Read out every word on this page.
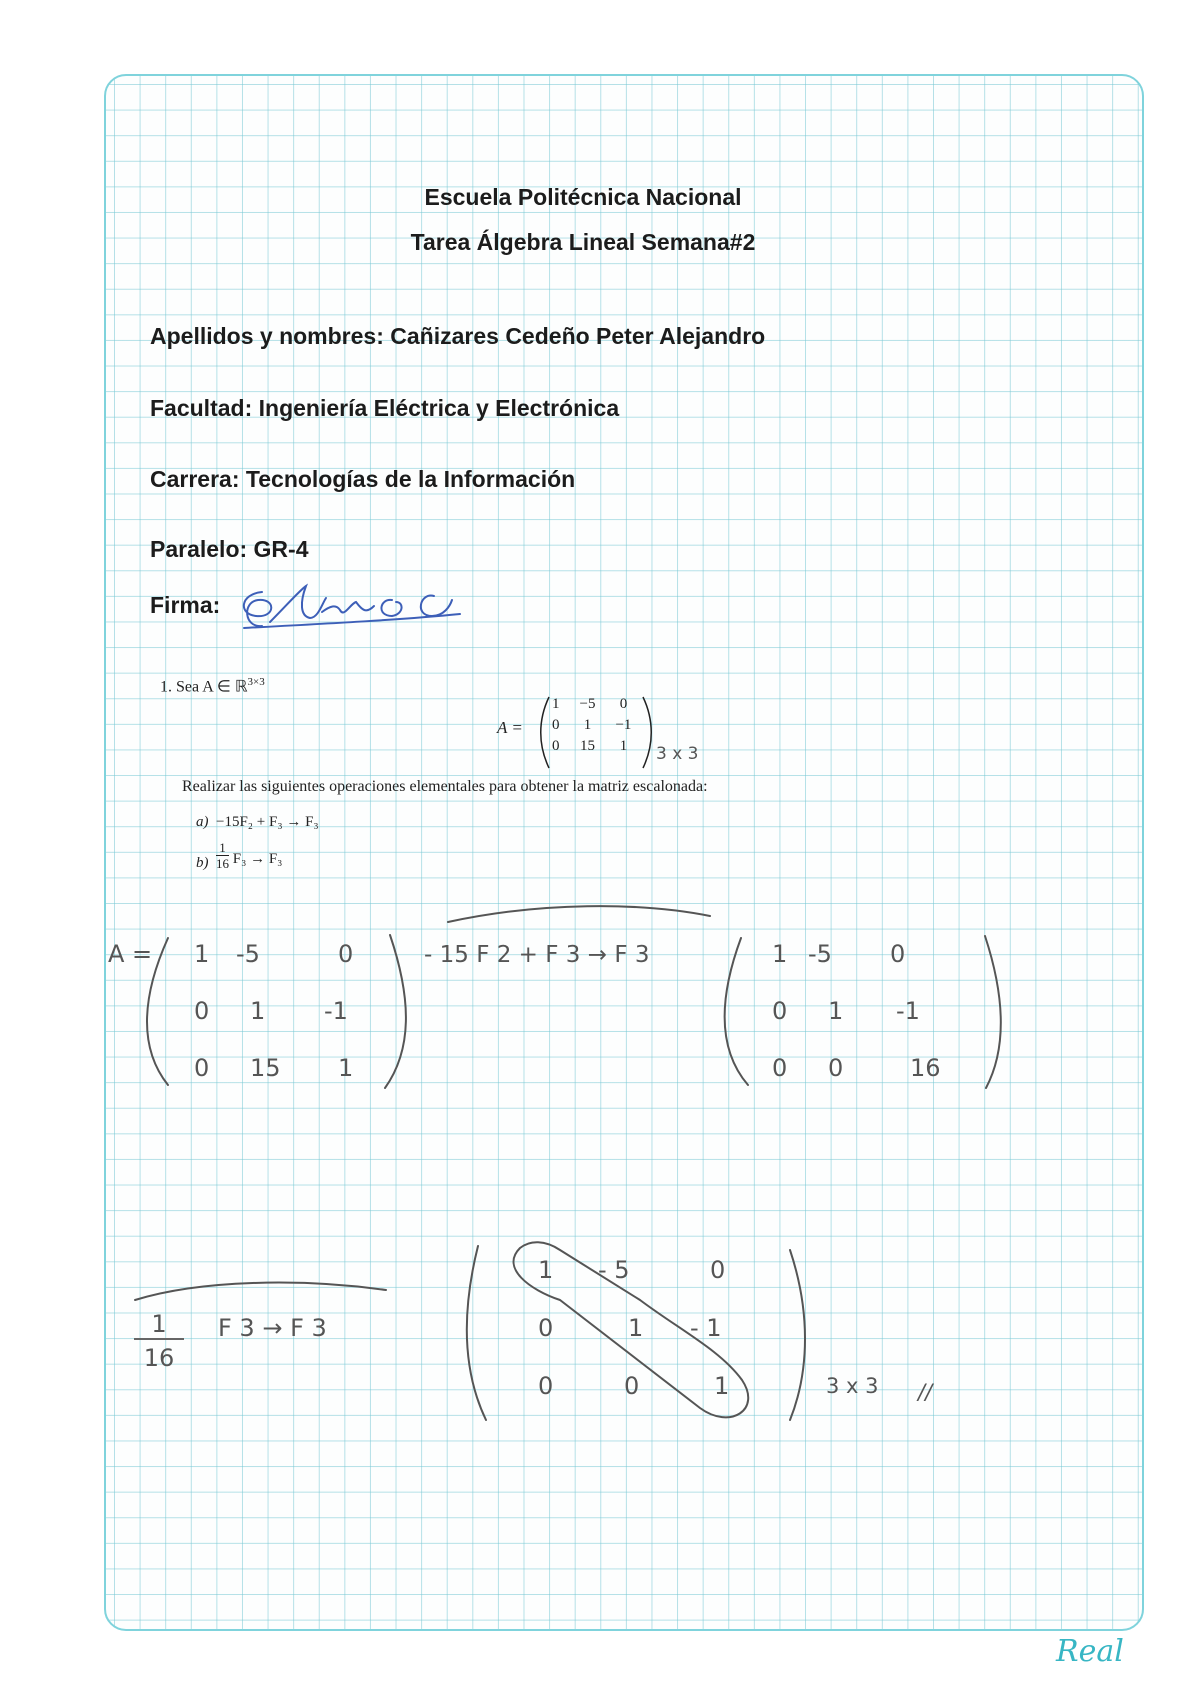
Escuela Politécnica Nacional
Tarea Álgebra Lineal Semana#2
Apellidos y nombres: Cañizares Cedeño Peter Alejandro
Facultad: Ingeniería Eléctrica y Electrónica
Carrera: Tecnologías de la Información
Paralelo: GR-4
Firma:
1. Sea A ∈ ℝ$^{3\times 3}$
A =
1	−5	0
0	1	−1
0	15	1 3 x 3
Realizar las siguientes operaciones elementales para obtener la matriz escalonada:
a) −15F₂ + F₃ → F₃
$b) \frac{1}{16} F_3 \to F_3$
A = 1 -5	0
0 1 -1
0 15 1
- 15 F 2 + F 3 → F 3	1 -5 0
0 1 -1
0 0	16
1
16
F 3 → F 3
1 - 5	0
0	1 - 1
0	0	1	3 x 3 //
Real
